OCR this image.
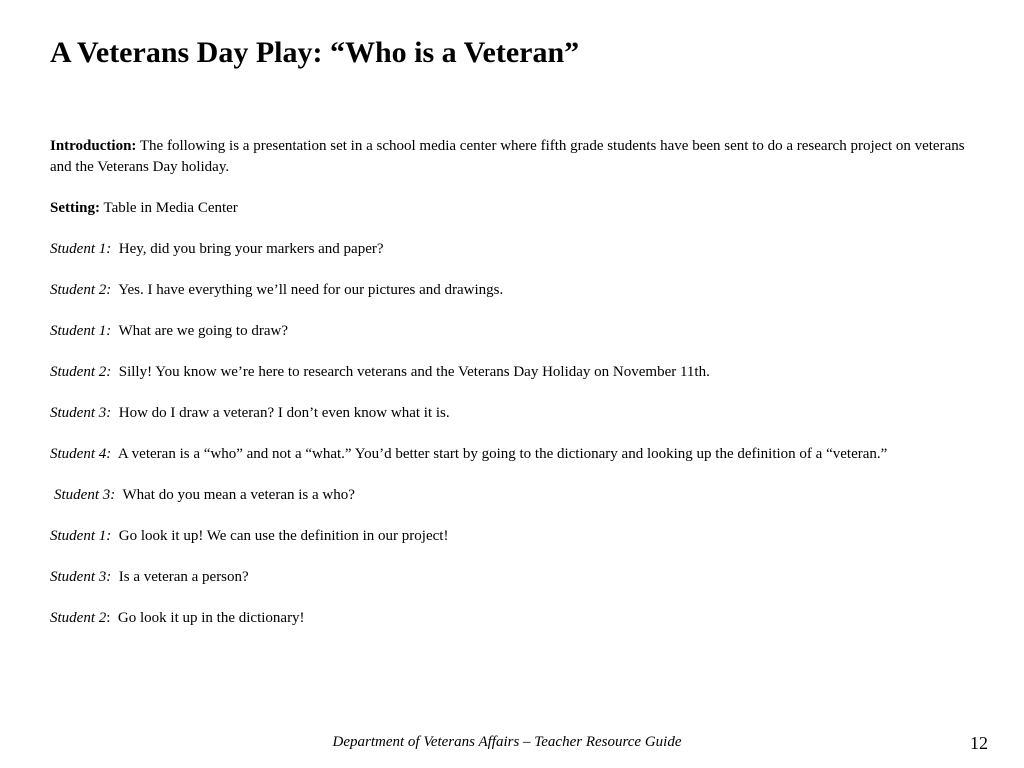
A Veterans Day Play: “Who is a Veteran”

Introduction: The following is a presentation set in a school media center where fifth grade students have been sent to do a research project on veterans and the Veterans Day holiday.

Setting: Table in Media Center

Student 1:  Hey, did you bring your markers and paper?

Student 2:  Yes. I have everything we’ll need for our pictures and drawings.

Student 1:  What are we going to draw?

Student 2:  Silly! You know we’re here to research veterans and the Veterans Day Holiday on November 11th.

Student 3:  How do I draw a veteran? I don’t even know what it is.

Student 4:  A veteran is a “who” and not a “what.” You’d better start by going to the dictionary and looking up the definition of a “veteran.”

Student 3:  What do you mean a veteran is a who?

Student 1:  Go look it up! We can use the definition in our project!

Student 3:  Is a veteran a person?

Student 2:  Go look it up in the dictionary!

Department of Veterans Affairs – Teacher Resource Guide	12
